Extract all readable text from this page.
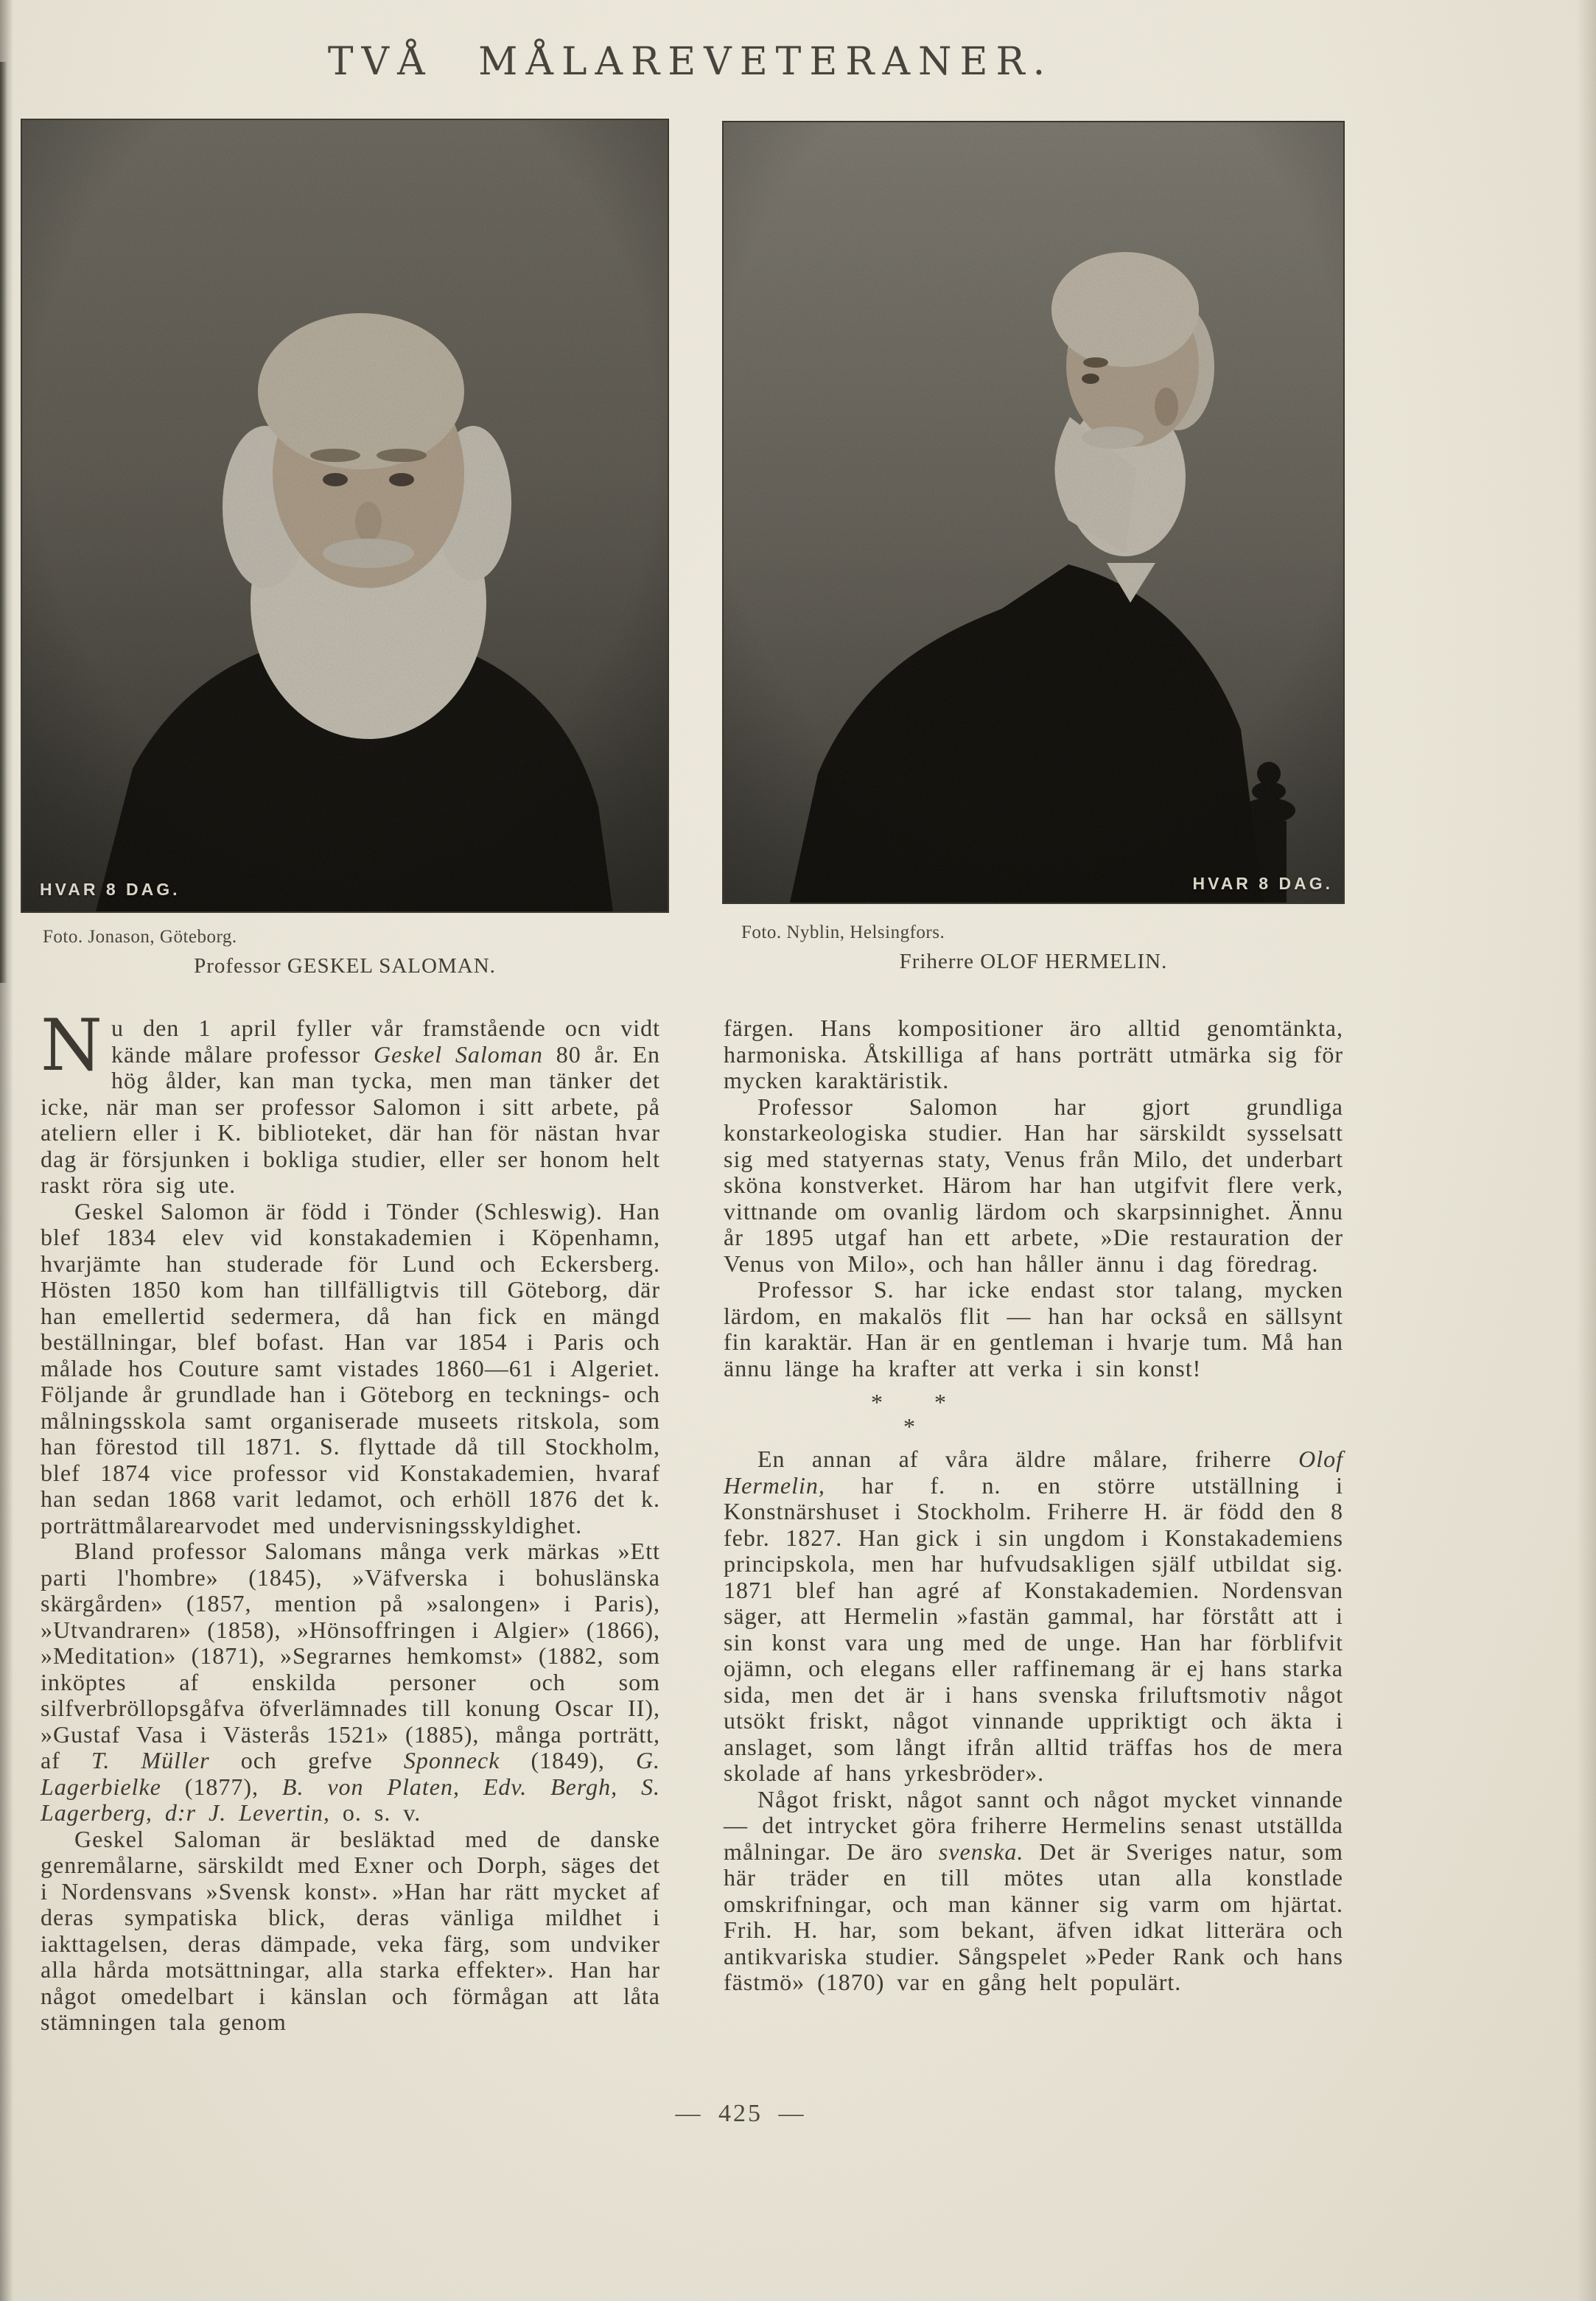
TVÅ MÅLAREVETERANER.
HVAR 8 DAG.	HVAR 8 DAG.
Foto. Jonason, Göteborg.
Professor GESKEL SALOMAN.
Foto. Nyblin, Helsingfors.
Friherre OLOF HERMELIN.

Nu den 1 april fyller vår framstående ocn vidt kände målare professor Geskel Saloman 80 år. En hög ålder, kan man tycka, men man tänker det icke, när man ser professor Salomon i sitt arbete, på ateliern eller i K. biblioteket, där han för nästan hvar dag är försjunken i bokliga studier, eller ser honom helt raskt röra sig ute.

Geskel Salomon är född i Tönder (Schleswig). Han blef 1834 elev vid konstakademien i Köpenhamn, hvarjämte han studerade för Lund och Eckersberg. Hösten 1850 kom han tillfälligtvis till Göteborg, där han emellertid sedermera, då han fick en mängd beställningar, blef bofast. Han var 1854 i Paris och målade hos Couture samt vistades 1860—61 i Algeriet. Följande år grundlade han i Göteborg en tecknings- och målningsskola samt organiserade museets ritskola, som han förestod till 1871. S. flyttade då till Stockholm, blef 1874 vice professor vid Konstakademien, hvaraf han sedan 1868 varit ledamot, och erhöll 1876 det k. porträttmålarearvodet med undervisningsskyldighet.

Bland professor Salomans många verk märkas »Ett parti l'hombre» (1845), »Väfverska i bohuslänska skärgården» (1857, mention på »salongen» i Paris), »Utvandraren» (1858), »Hönsoffringen i Algier» (1866), »Meditation» (1871), »Segrarnes hemkomst» (1882, som inköptes af enskilda personer och som silfverbröllopsgåfva öfverlämnades till konung Oscar II), »Gustaf Vasa i Västerås 1521» (1885), många porträtt, af T. Müller och grefve Sponneck (1849), G. Lagerbielke (1877), B. von Platen, Edv. Bergh, S. Lagerberg, d:r J. Levertin, o. s. v.

Geskel Saloman är besläktad med de danske genremålarne, särskildt med Exner och Dorph, säges det i Nordensvans »Svensk konst». »Han har rätt mycket af deras sympatiska blick, deras vänliga mildhet i iakttagelsen, deras dämpade, veka färg, som undviker alla hårda motsättningar, alla starka effekter». Han har något omedelbart i känslan och förmågan att låta stämningen tala genom

färgen. Hans kompositioner äro alltid genomtänkta, harmoniska. Åtskilliga af hans porträtt utmärka sig för mycken karaktäristik.

Professor Salomon har gjort grundliga konstarkeologiska studier. Han har särskildt sysselsatt sig med statyernas staty, Venus från Milo, det underbart sköna konstverket. Härom har han utgifvit flere verk, vittnande om ovanlig lärdom och skarpsinnighet. Ännu år 1895 utgaf han ett arbete, »Die restauration der Venus von Milo», och han håller ännu i dag föredrag.

Professor S. har icke endast stor talang, mycken lärdom, en makalös flit — han har också en sällsynt fin karaktär. Han är en gentleman i hvarje tum. Må han ännu länge ha krafter att verka i sin konst!

* *
*

En annan af våra äldre målare, friherre Olof Hermelin, har f. n. en större utställning i Konstnärshuset i Stockholm. Friherre H. är född den 8 febr. 1827. Han gick i sin ungdom i Konstakademiens principskola, men har hufvudsakligen själf utbildat sig. 1871 blef han agré af Konstakademien. Nordensvan säger, att Hermelin »fastän gammal, har förstått att i sin konst vara ung med de unge. Han har förblifvit ojämn, och elegans eller raffinemang är ej hans starka sida, men det är i hans svenska friluftsmotiv något utsökt friskt, något vinnande uppriktigt och äkta i anslaget, som långt ifrån alltid träffas hos de mera skolade af hans yrkesbröder».

Något friskt, något sannt och något mycket vinnande — det intrycket göra friherre Hermelins senast utställda målningar. De äro svenska. Det är Sveriges natur, som här träder en till mötes utan alla konstlade omskrifningar, och man känner sig varm om hjärtat. Frih. H. har, som bekant, äfven idkat litterära och antikvariska studier. Sångspelet »Peder Rank och hans fästmö» (1870) var en gång helt populärt.

— 425 —
